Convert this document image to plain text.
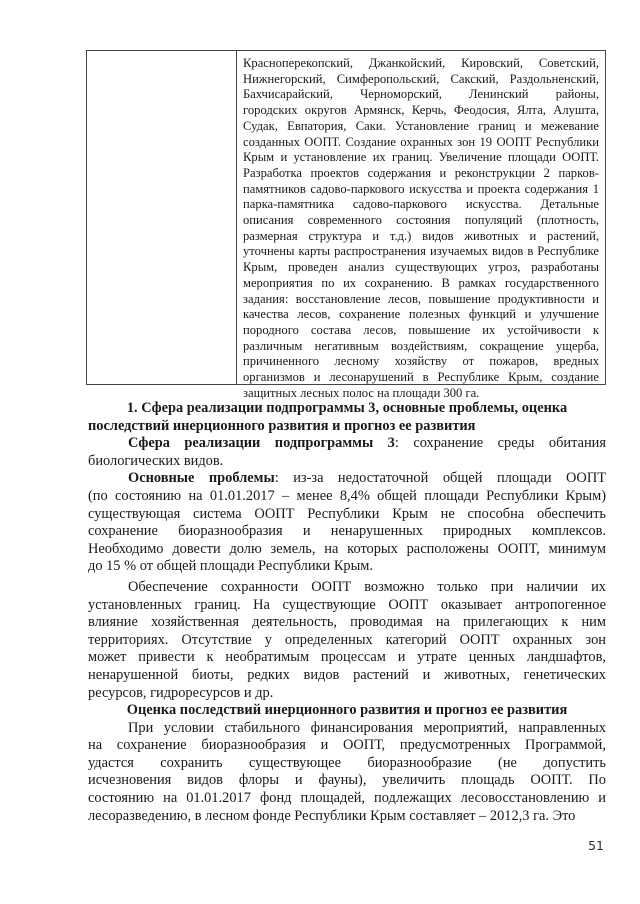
Красноперекопский, Джанкойский, Кировский, Советский,
Нижнегорский, Симферопольский, Сакский, Раздольненский,
Бахчисарайский, Черноморский, Ленинский районы,
городских округов Армянск, Керчь, Феодосия, Ялта, Алушта,
Судак, Евпатория, Саки. Установление границ и межевание
созданных ООПТ. Создание охранных зон 19 ООПТ Республики
Крым и установление их границ. Увеличение площади ООПТ.
Разработка проектов содержания и реконструкции 2 парков-
памятников садово-паркового искусства и проекта содержания 1
парка-памятника садово-паркового искусства. Детальные
описания современного состояния популяций (плотность,
размерная структура и т.д.) видов животных и растений,
уточнены карты распространения изучаемых видов в Республике
Крым, проведен анализ существующих угроз, разработаны
мероприятия по их сохранению. В рамках государственного
задания: восстановление лесов, повышение продуктивности и
качества лесов, сохранение полезных функций и улучшение
породного состава лесов, повышение их устойчивости к
различным негативным воздействиям, сокращение ущерба,
причиненного лесному хозяйству от пожаров, вредных
организмов и лесонарушений в Республике Крым, создание
защитных лесных полос на площади 300 га.
1. Сфера реализации подпрограммы 3, основные проблемы, оценка
последствий инерционного развития и прогноз ее развития
Сфера реализации подпрограммы 3: сохранение среды обитания
биологических видов.
Основные проблемы: из-за недостаточной общей площади ООПТ
(по состоянию на 01.01.2017 – менее 8,4% общей площади Республики Крым)
существующая система ООПТ Республики Крым не способна обеспечить
сохранение биоразнообразия и ненарушенных природных комплексов.
Необходимо довести долю земель, на которых расположены ООПТ, минимум
до 15 % от общей площади Республики Крым.
Обеспечение сохранности ООПТ возможно только при наличии их
установленных границ. На существующие ООПТ оказывает антропогенное
влияние хозяйственная деятельность, проводимая на прилегающих к ним
территориях. Отсутствие у определенных категорий ООПТ охранных зон
может привести к необратимым процессам и утрате ценных ландшафтов,
ненарушенной биоты, редких видов растений и животных, генетических
ресурсов, гидроресурсов и др.
Оценка последствий инерционного развития и прогноз ее развития
При условии стабильного финансирования мероприятий, направленных
на сохранение биоразнообразия и ООПТ, предусмотренных Программой,
удастся сохранить существующее биоразнообразие (не допустить
исчезновения видов флоры и фауны), увеличить площадь ООПТ. По
состоянию на 01.01.2017 фонд площадей, подлежащих лесовосстановлению и
лесоразведению, в лесном фонде Республики Крым составляет – 2012,3 га. Это
51
